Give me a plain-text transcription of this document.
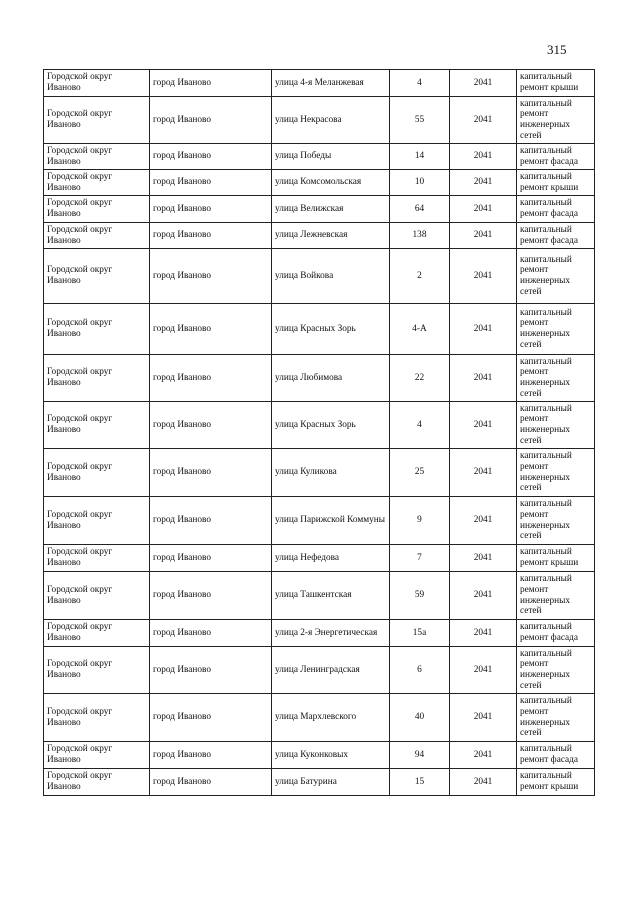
315
Городской округ Иваново	город Иваново	улица 4-я Меланжевая	4	2041	капитальный ремонт крыши
Городской округ Иваново	город Иваново	улица Некрасова	55	2041	капитальный ремонт инженерных сетей
Городской округ Иваново	город Иваново	улица Победы	14	2041	капитальный ремонт фасада
Городской округ Иваново	город Иваново	улица Комсомольская	10	2041	капитальный ремонт крыши
Городской округ Иваново	город Иваново	улица Велижская	64	2041	капитальный ремонт фасада
Городской округ Иваново	город Иваново	улица Лежневская	138	2041	капитальный ремонт фасада
Городской округ Иваново	город Иваново	улица Войкова	2	2041	капитальный ремонт инженерных сетей
Городской округ Иваново	город Иваново	улица Красных Зорь	4-А	2041	капитальный ремонт инженерных сетей
Городской округ Иваново	город Иваново	улица Любимова	22	2041	капитальный ремонт инженерных сетей
Городской округ Иваново	город Иваново	улица Красных Зорь	4	2041	капитальный ремонт инженерных сетей
Городской округ Иваново	город Иваново	улица Куликова	25	2041	капитальный ремонт инженерных сетей
Городской округ Иваново	город Иваново	улица Парижской Коммуны	9	2041	капитальный ремонт инженерных сетей
Городской округ Иваново	город Иваново	улица Нефедова	7	2041	капитальный ремонт крыши
Городской округ Иваново	город Иваново	улица Ташкентская	59	2041	капитальный ремонт инженерных сетей
Городской округ Иваново	город Иваново	улица 2-я Энергетическая	15а	2041	капитальный ремонт фасада
Городской округ Иваново	город Иваново	улица Ленинградская	6	2041	капитальный ремонт инженерных сетей
Городской округ Иваново	город Иваново	улица Мархлевского	40	2041	капитальный ремонт инженерных сетей
Городской округ Иваново	город Иваново	улица Куконковых	94	2041	капитальный ремонт фасада
Городской округ Иваново	город Иваново	улица Батурина	15	2041	капитальный ремонт крыши
